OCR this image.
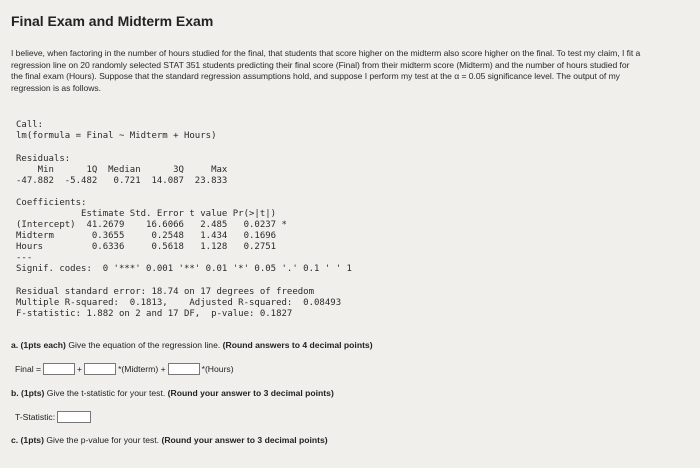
Final Exam and Midterm Exam
I believe, when factoring in the number of hours studied for the final, that students that score higher on the midterm also score higher on the final. To test my claim, I fit a regression line on 20 randomly selected STAT 351 students predicting their final score (Final) from their midterm score (Midterm) and the number of hours studied for the final exam (Hours). Suppose that the standard regression assumptions hold, and suppose I perform my test at the α = 0.05 significance level. The output of my regression is as follows.
Call:
lm(formula = Final ~ Midterm + Hours)
Residuals:
Min      1Q  Median      3Q     Max
-47.882  -5.482   0.721  14.087  23.833
Coefficients:
Estimate Std. Error t value Pr(>|t|)
(Intercept)  41.2679    16.6066   2.485   0.0237 *
Midterm       0.3655     0.2548   1.434   0.1696
Hours         0.6336     0.5618   1.128   0.2751
---
Signif. codes:  0 '***' 0.001 '**' 0.01 '*' 0.05 '.' 0.1 ' ' 1
Residual standard error: 18.74 on 17 degrees of freedom
Multiple R-squared:  0.1813,    Adjusted R-squared:  0.08493
F-statistic: 1.882 on 2 and 17 DF,  p-value: 0.1827
a. (1pts each) Give the equation of the regression line. (Round answers to 4 decimal points)
Final =	+	*(Midterm) +	*(Hours)
b. (1pts) Give the t-statistic for your test. (Round your answer to 3 decimal points)
T-Statistic:
c. (1pts) Give the p-value for your test. (Round your answer to 3 decimal points)
